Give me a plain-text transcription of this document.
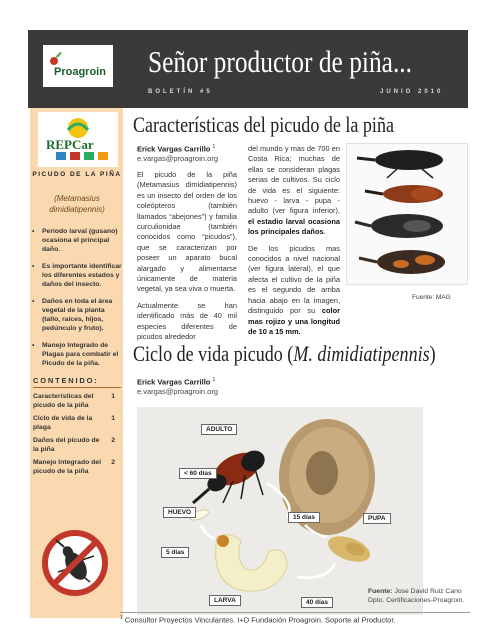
Proagroin Señor productor de piña...
BOLETÍN #5	JUNIO 2010
REPCar
PICUDO DE LA PIÑA
(Metamasius dimidiatipennis)
• Periodo larval (gusano) ocasiona el principal daño.
• Es importante identificar los diferentes estados y daños del insecto.
• Daños en toda el área vegetal de la planta (tallo, raíces, hijos, pedúnculo y fruto).
• Manejo Integrado de Plagas para combatir el Picudo de la piña.
CONTENIDO:
Características del picudo de la piña1
Ciclo de vida de la plaga1
Daños del picudo de la piña2
Manejo Integrado del picudo de la piña2
Características del picudo de la piña
Erick Vargas Carrillo $^1$
e.vargas@proagroin.org

El picudo de la piña (Metamasius dimidiatipennis) es un insecto del orden de los coleópteros (también llamados “abejones”) y familia curculionidae (también conocidos como “picudos”), que se caracterizan por poseer un aparato bucal alargado y alimentarse únicamente de materia vegetal, ya sea viva o muerta.

Actualmente se han identificado más de 40 mil especies diferentes de picudos alrededor

del mundo y mas de 700 en Costa Rica; muchas de ellas se consideran plagas serias de cultivos. Su ciclo de vida es el siguiente: huevo - larva - pupa - adulto (ver figura inferior), el estadio larval ocasiona los principales daños.

De los picudos mas conocidos a nivel nacional (ver figura lateral), el que afecta el cultivo de la piña es el segundo de arriba hacia abajo en la imagen, distinguido por su color mas rojizo y una longitud de 10 a 15 mm.

Fuente: MAG
Ciclo de vida picudo (M. dimidiatipennis)
Erick Vargas Carrillo $^1$
e.vargas@proagroin.org
ADULTO
< 60 días
HUEVO
15 días	PUPA
5 días
LARVA	40 días
Fuente: Jose David Ruiz Cano
Dpto. Certificaciones-Proagroin.
$^1$ Consultor Proyectos Vinculantes. I+D Fundación Proagroin. Soporte al Productor.
